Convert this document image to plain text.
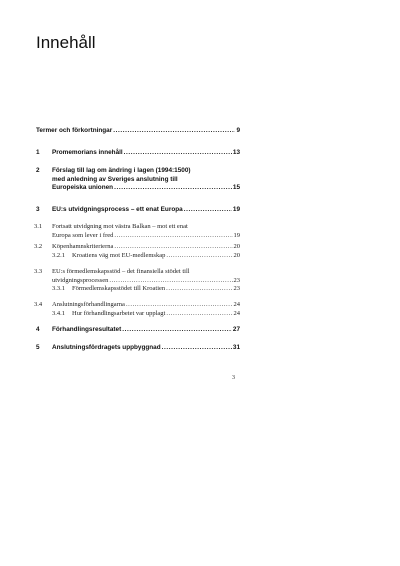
Innehåll
Termer och förkortningar .....	9
1 Promemorians innehåll .....	13
2 Förslag till lag om ändring i lagen (1994:1500)
med anledning av Sveriges anslutning till
Europeiska unionen .....	15
3 EU:s utvidgningsprocess – ett enat Europa .....	19
3.1 Fortsatt utvidgning mot västra Balkan – mot ett enat
Europa som lever i fred .....	19
3.2 Köpenhamnskriterierna .....	20
3.2.1	Kroatiens väg mot EU-medlemskap .....	20
3.3 EU:s förmedlemskapsstöd – det finansiella stödet till
utvidgningsprocessen .....	23
3.3.1	Förmedlemskapsstödet till Kroatien .....	23
3.4 Anslutningsförhandlingarna .....	24
3.4.1	Hur förhandlingsarbetet var upplagt .....	24
4 Förhandlingsresultatet .....	27
5 Anslutningsfördragets uppbyggnad .....	31
3
